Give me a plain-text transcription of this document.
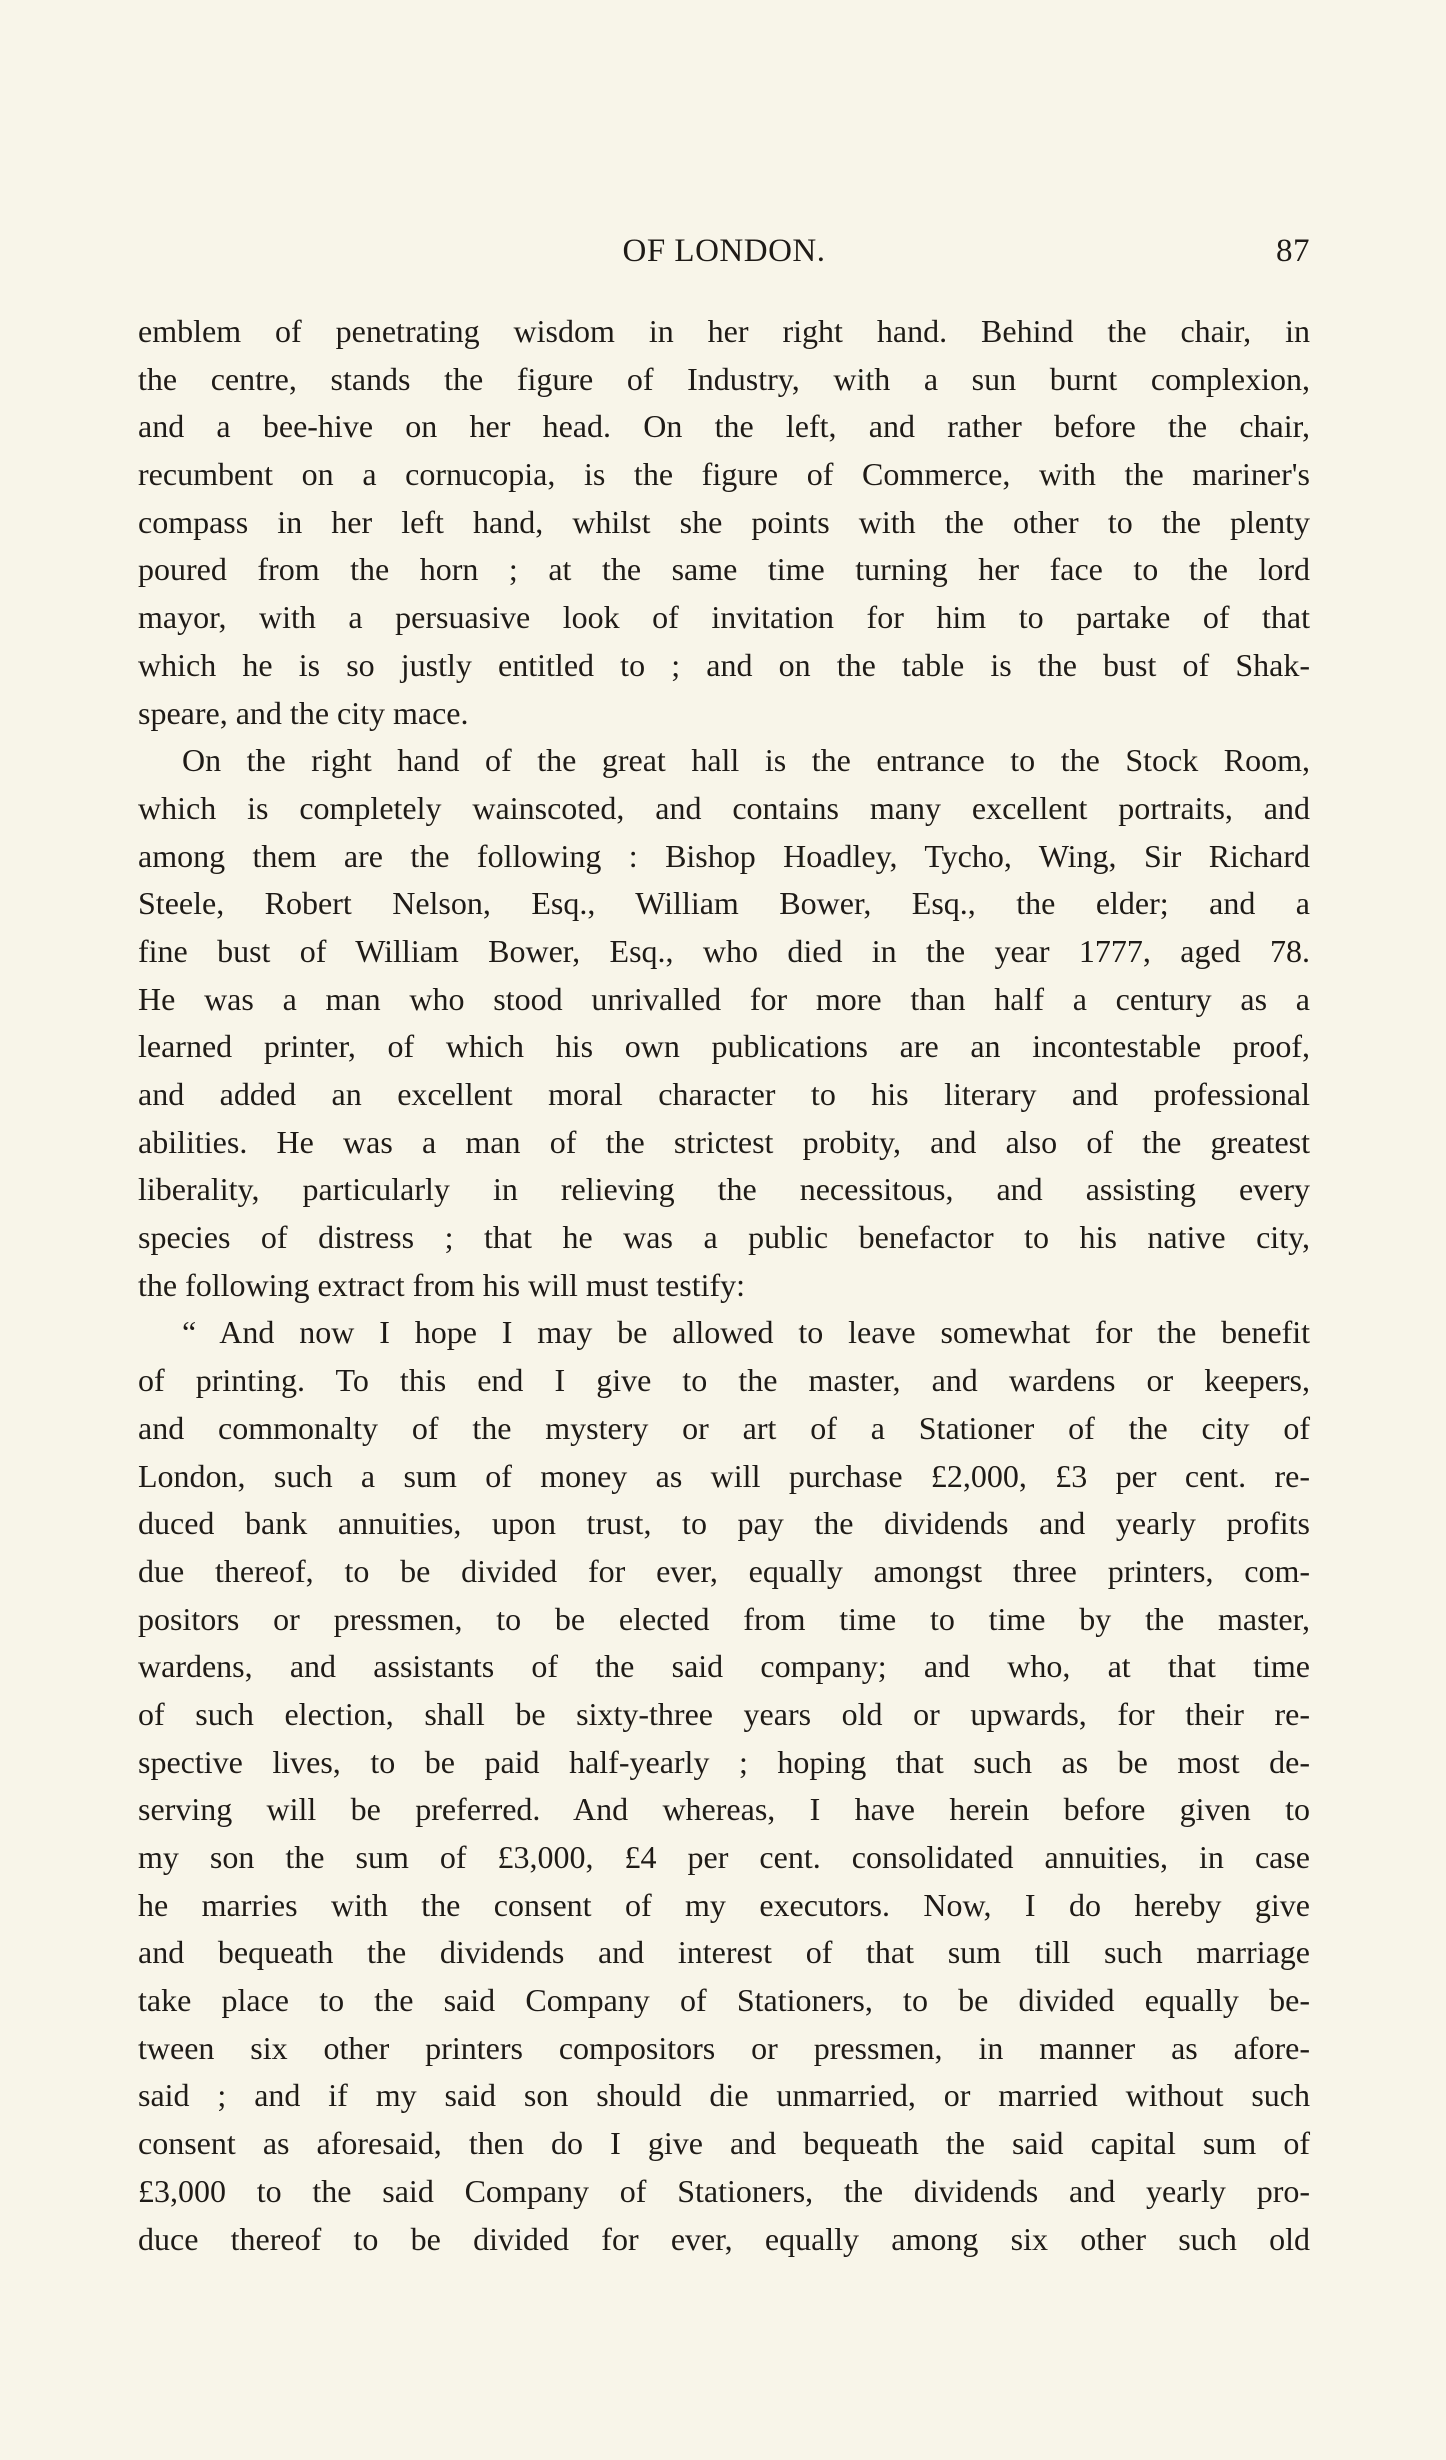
OF LONDON.	87
emblem of penetrating wisdom in her right hand. Behind the chair, in
the centre, stands the figure of Industry, with a sun burnt complexion,
and a bee-hive on her head. On the left, and rather before the chair,
recumbent on a cornucopia, is the figure of Commerce, with the mariner's
compass in her left hand, whilst she points with the other to the plenty
poured from the horn ; at the same time turning her face to the lord
mayor, with a persuasive look of invitation for him to partake of that
which he is so justly entitled to ; and on the table is the bust of Shak-
speare, and the city mace.
On the right hand of the great hall is the entrance to the Stock Room,
which is completely wainscoted, and contains many excellent portraits, and
among them are the following : Bishop Hoadley, Tycho, Wing, Sir Richard
Steele, Robert Nelson, Esq., William Bower, Esq., the elder; and a
fine bust of William Bower, Esq., who died in the year 1777, aged 78.
He was a man who stood unrivalled for more than half a century as a
learned printer, of which his own publications are an incontestable proof,
and added an excellent moral character to his literary and professional
abilities. He was a man of the strictest probity, and also of the greatest
liberality, particularly in relieving the necessitous, and assisting every
species of distress ; that he was a public benefactor to his native city,
the following extract from his will must testify:
“ And now I hope I may be allowed to leave somewhat for the benefit
of printing. To this end I give to the master, and wardens or keepers,
and commonalty of the mystery or art of a Stationer of the city of
London, such a sum of money as will purchase £2,000, £3 per cent. re-
duced bank annuities, upon trust, to pay the dividends and yearly profits
due thereof, to be divided for ever, equally amongst three printers, com-
positors or pressmen, to be elected from time to time by the master,
wardens, and assistants of the said company; and who, at that time
of such election, shall be sixty-three years old or upwards, for their re-
spective lives, to be paid half-yearly ; hoping that such as be most de-
serving will be preferred. And whereas, I have herein before given to
my son the sum of £3,000, £4 per cent. consolidated annuities, in case
he marries with the consent of my executors. Now, I do hereby give
and bequeath the dividends and interest of that sum till such marriage
take place to the said Company of Stationers, to be divided equally be-
tween six other printers compositors or pressmen, in manner as afore-
said ; and if my said son should die unmarried, or married without such
consent as aforesaid, then do I give and bequeath the said capital sum of
£3,000 to the said Company of Stationers, the dividends and yearly pro-
duce thereof to be divided for ever, equally among six other such old
